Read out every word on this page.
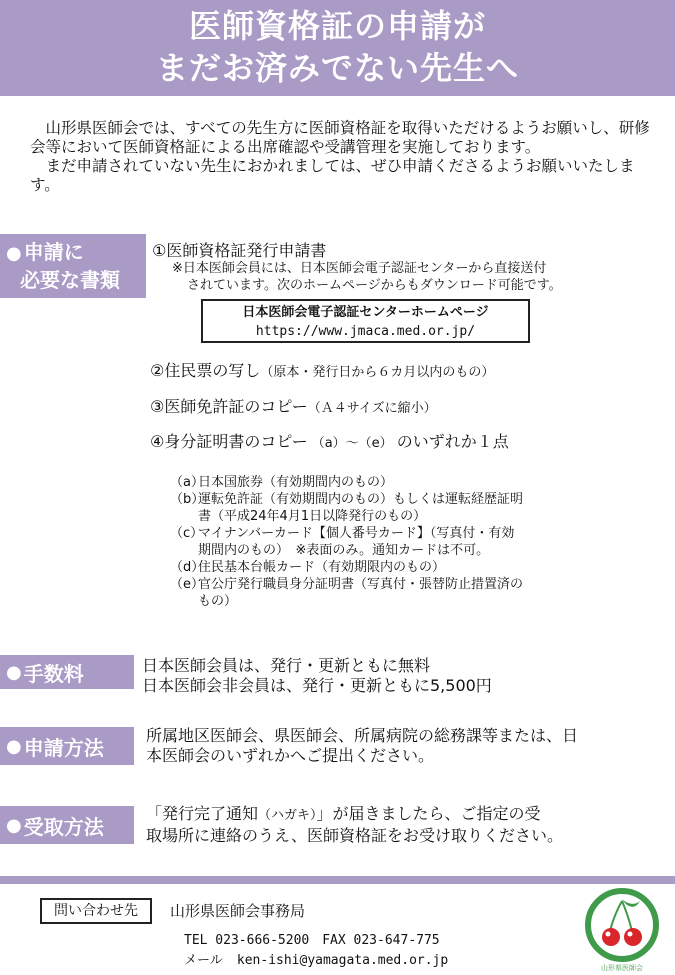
医師資格証の申請が
まだお済みでない先生へ

山形県医師会では、すべての先生方に医師資格証を取得いただけるようお願いし、研修会等において医師資格証による出席確認や受講管理を実施しております。

まだ申請されていない先生におかれましては、ぜひ申請くださるようお願いいたします。

● 申請に
必要な書類
①医師資格証発行申請書
※日本医師会員には、日本医師会電子認証センターから直接送付
されています。次のホームページからもダウンロード可能です。
日本医師会電子認証センターホームページ
https://www.jmaca.med.or.jp/
②住民票の写し（原本・発行日から６カ月以内のもの）
③医師免許証のコピー（Ａ４サイズに縮小）
④身分証明書のコピー （a）〜（e） のいずれか１点
（a）
日本国旅券（有効期間内のもの）
（b）
運転免許証（有効期間内のもの）もしくは運転経歴証明
書（平成24年4月1日以降発行のもの）
（c）
マイナンバーカード【個人番号カード】（写真付・有効
期間内のもの）　※表面のみ。通知カードは不可。
（d）
住民基本台帳カード（有効期限内のもの）
（e）
官公庁発行職員身分証明書（写真付・張替防止措置済の
もの）
● 手数料	日本医師会員は、発行・更新ともに無料
日本医師会非会員は、発行・更新ともに5,500円
● 申請方法	所属地区医師会、県医師会、所属病院の総務課等または、日
本医師会のいずれかへご提出ください。
● 受取方法
「発行完了通知（ハガキ）」が届きましたら、ご指定の受
取場所に連絡のうえ、医師資格証をお受け取りください。
問い合わせ先	山形県医師会事務局
TEL 023-666-5200　FAX 023-647-775
メール ken-ishi@yamagata.med.or.jp	山形県医師会
